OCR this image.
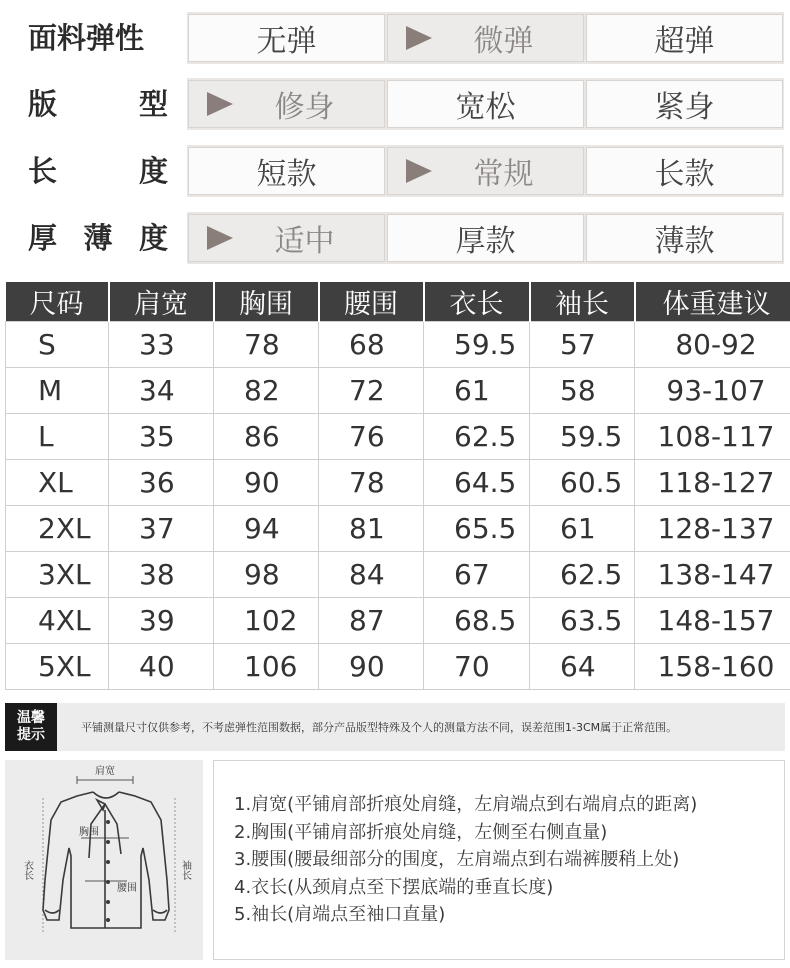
面料弹性	无弹	微弹	超弹
版	型	修身	宽松	紧身
长	度	短款	常规	长款
厚 薄 度	适中	厚款	薄款
尺码	肩宽	胸围	腰围	衣长	袖长	体重建议
S	33	78	68	59.5	57	80-92
M	34	82	72	61	58	93-107
L	35	86	76	62.5	59.5	108-117
XL	36	90	78	64.5	60.5	118-127
2XL	37	94	81	65.5	61	128-137
3XL	38	98	84	67	62.5	138-147
4XL	39	102	87	68.5	63.5	148-157
5XL	40	106	90	70	64	158-160
温馨
提示	平铺测量尺寸仅供参考，不考虑弹性范围数据，部分产品版型特殊及个人的测量方法不同，误差范围1-3CM属于正常范围。
肩宽
胸围
腰围
衣长	袖长
1.肩宽(平铺肩部折痕处肩缝，左肩端点到右端肩点的距离)
2.胸围(平铺肩部折痕处肩缝，左侧至右侧直量)
3.腰围(腰最细部分的围度，左肩端点到右端裤腰稍上处)
4.衣长(从颈肩点至下摆底端的垂直长度)
5.袖长(肩端点至袖口直量)
